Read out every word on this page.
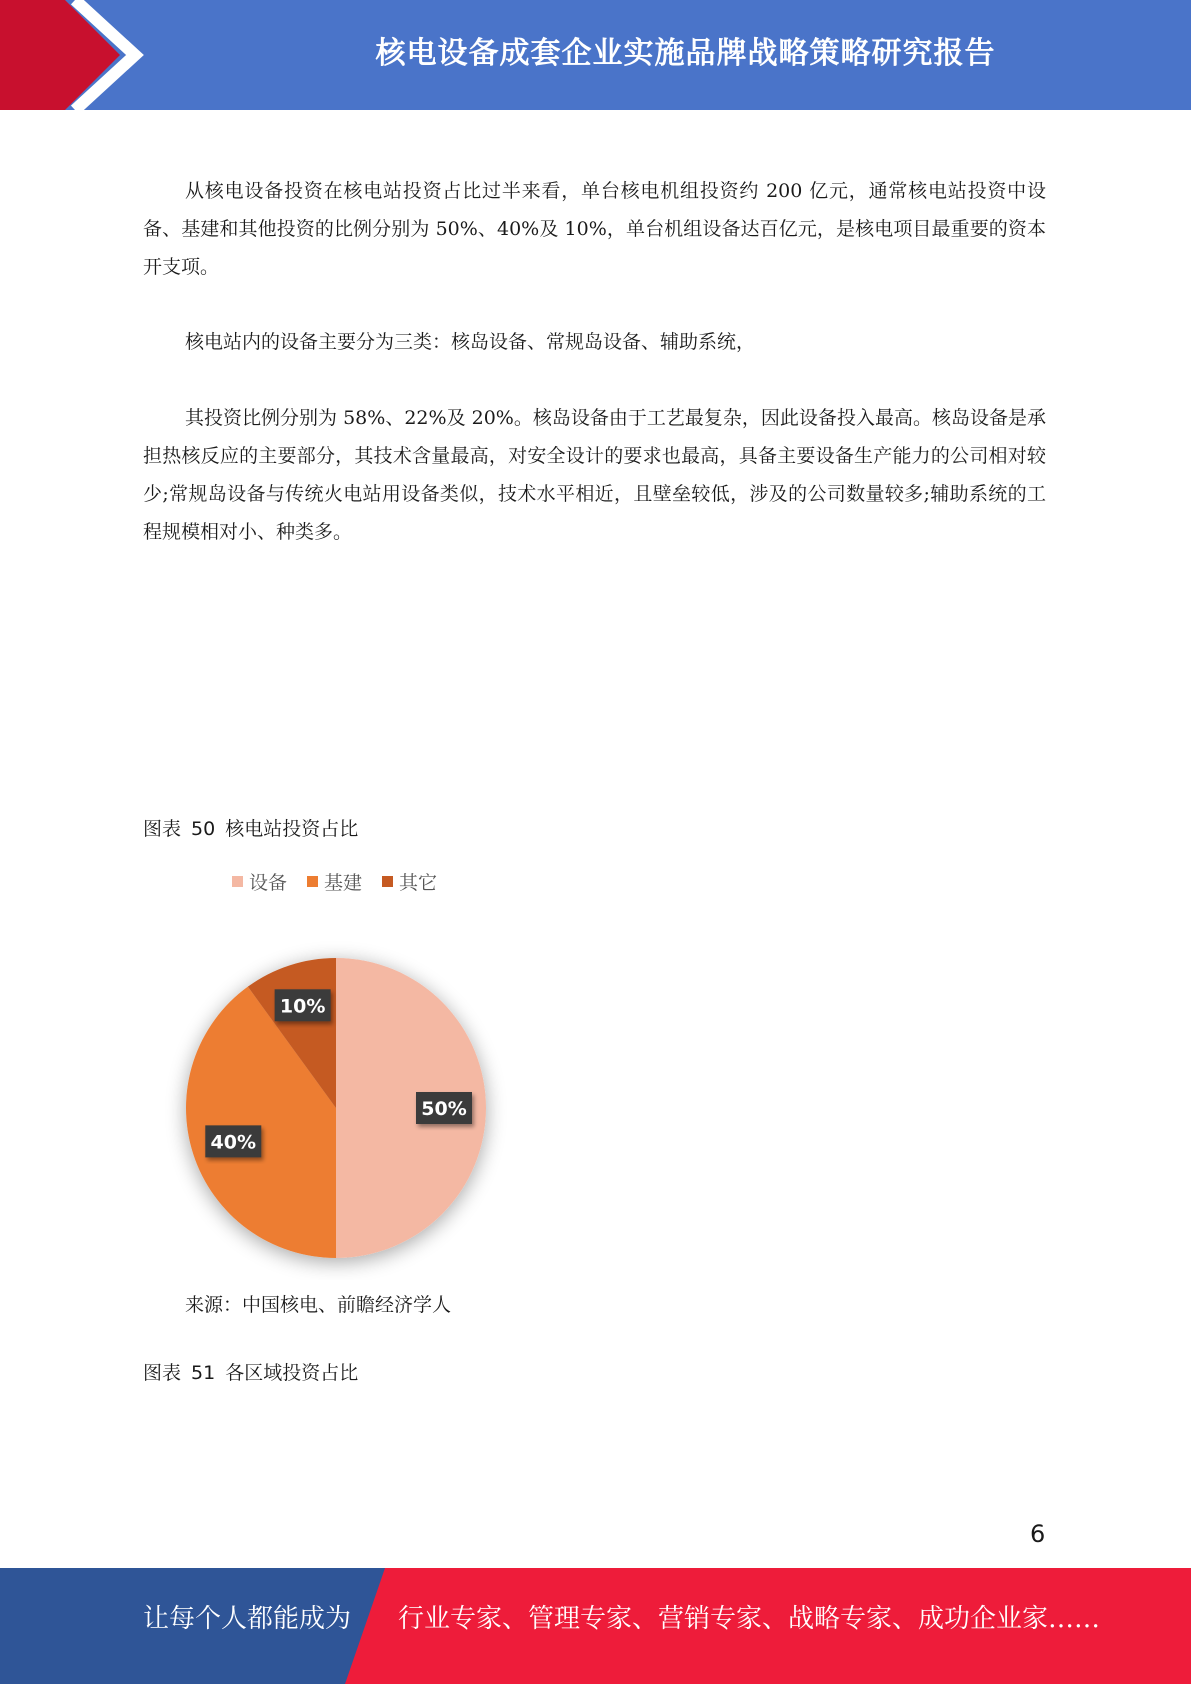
核电设备成套企业实施品牌战略策略研究报告

从核电设备投资在核电站投资占比过半来看，单台核电机组投资约 200 亿元，通常核电站投资中设备、基建和其他投资的比例分别为 50%、40%及 10%，单台机组设备达百亿元，是核电项目最重要的资本开支项。

核电站内的设备主要分为三类：核岛设备、常规岛设备、辅助系统，

其投资比例分别为 58%、22%及 20%。核岛设备由于工艺最复杂，因此设备投入最高。核岛设备是承担热核反应的主要部分，其技术含量最高，对安全设计的要求也最高，具备主要设备生产能力的公司相对较少;常规岛设备与传统火电站用设备类似，技术水平相近，且壁垒较低，涉及的公司数量较多;辅助系统的工程规模相对小、种类多。

图表 50 核电站投资占比
设备 基建 其它
50%
40%
10%
来源：中国核电、前瞻经济学人
图表 51 各区域投资占比
6
让每个人都能成为 行业专家、管理专家、营销专家、战略专家、成功企业家……
